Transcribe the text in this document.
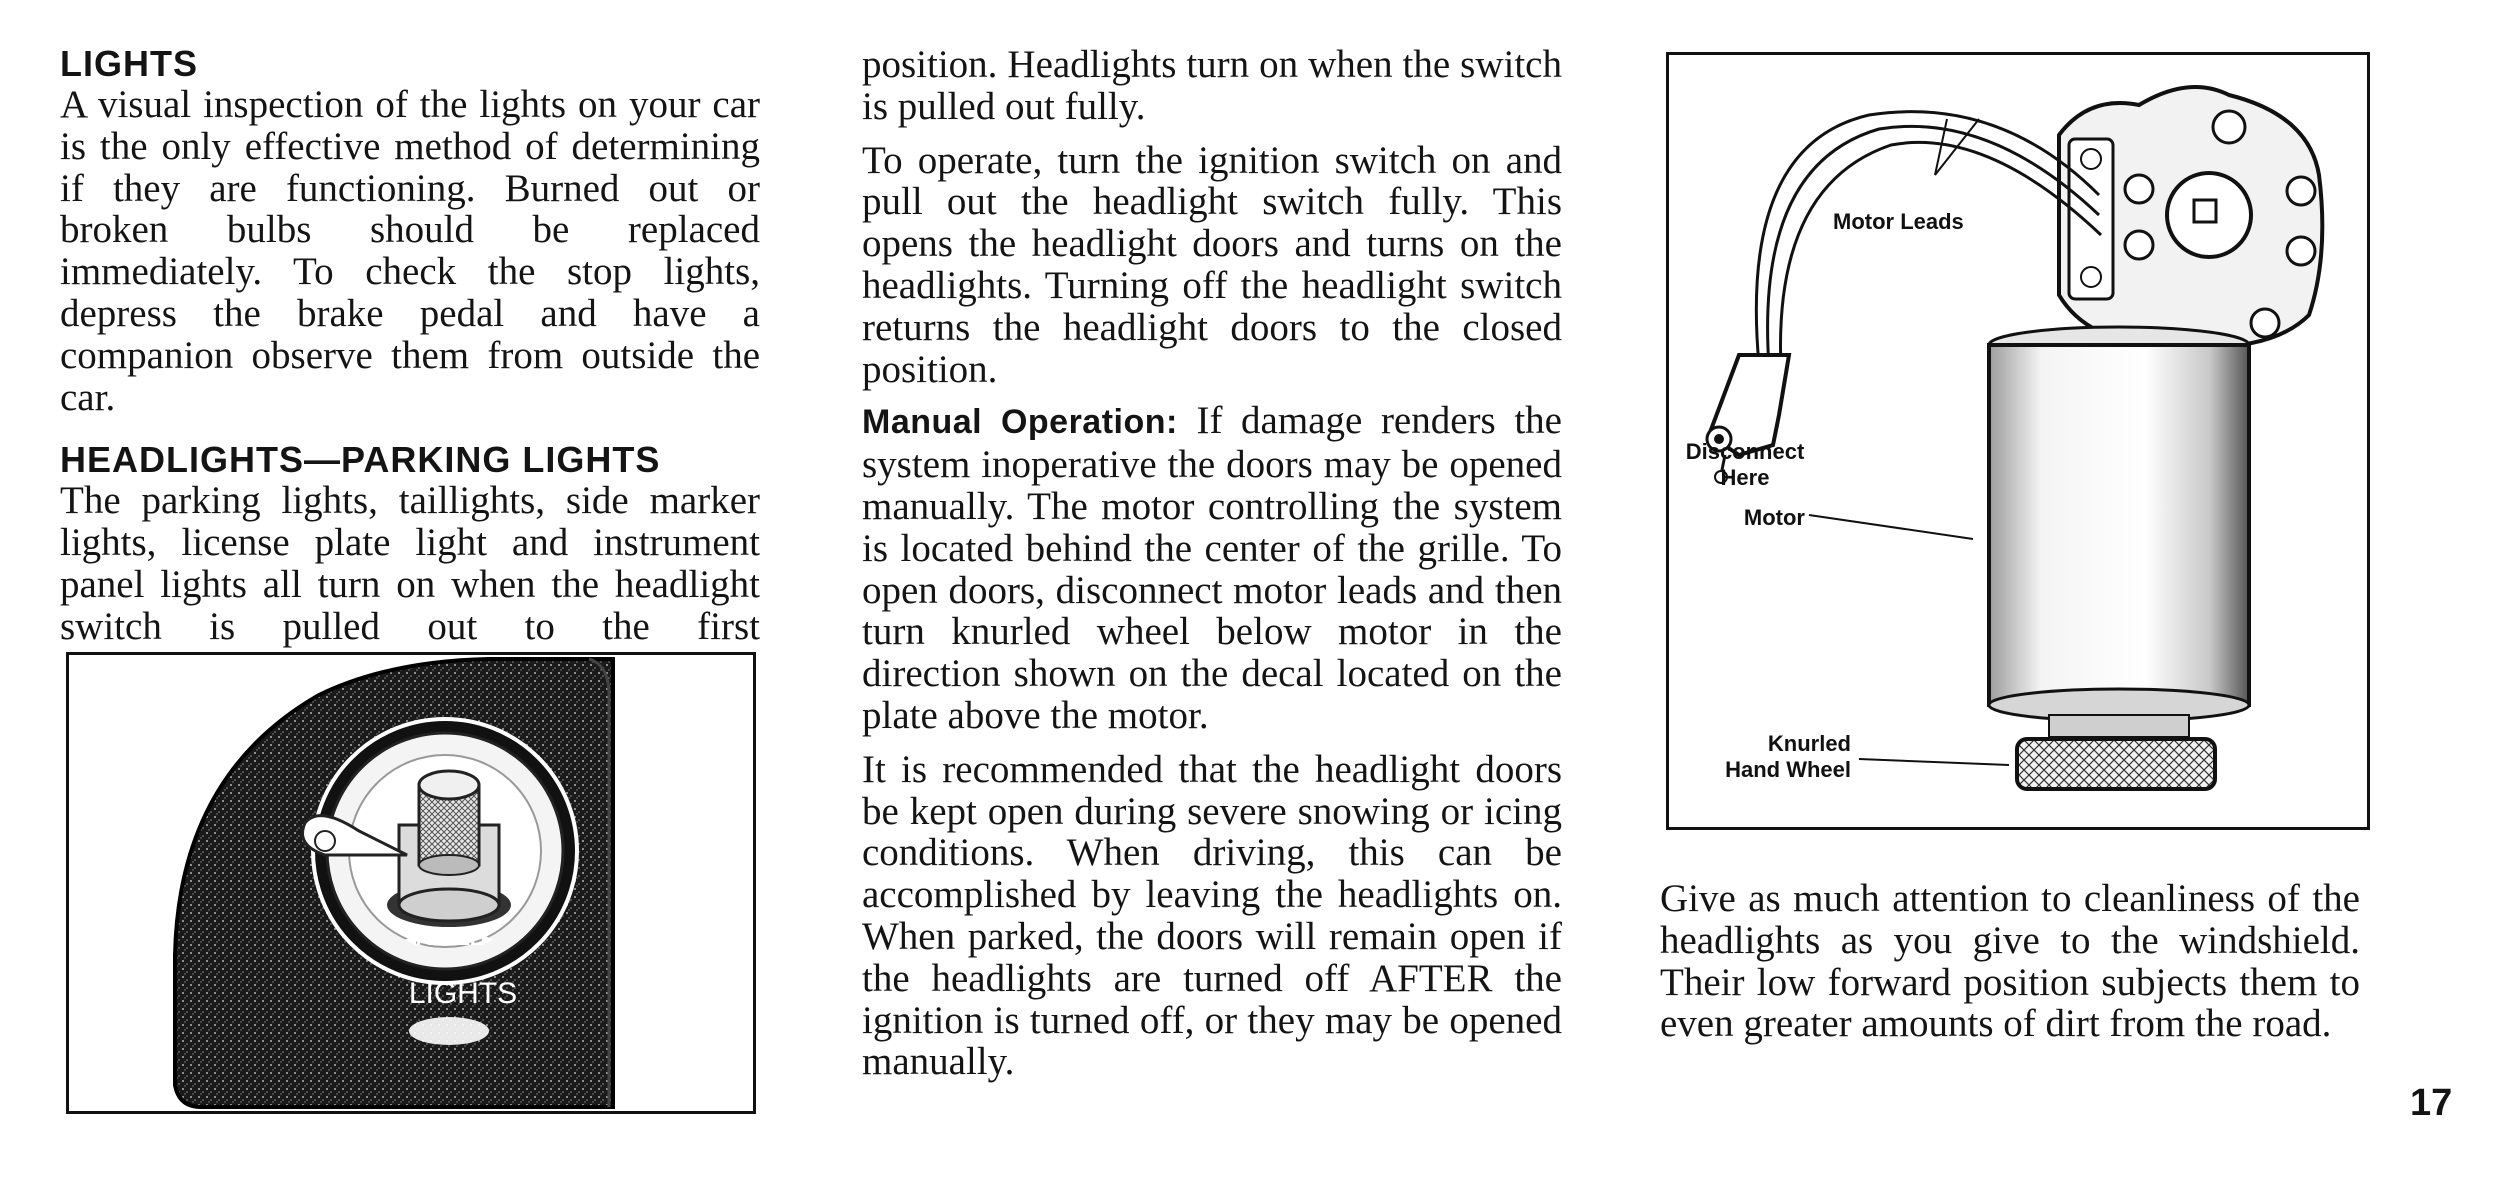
LIGHTS

A visual inspection of the lights on your car is the only effective method of determining if they are functioning. Burned out or broken bulbs should be replaced immediately. To check the stop lights, depress the brake pedal and have a companion observe them from outside the car.

HEADLIGHTS—PARKING LIGHTS

The parking lights, taillights, side marker lights, license plate light and instrument panel lights all turn on when the headlight switch is pulled out to the first

◂PANEL▸
LIGHTS

position. Headlights turn on when the switch is pulled out fully.

To operate, turn the ignition switch on and pull out the headlight switch fully. This opens the headlight doors and turns on the headlights. Turning off the headlight switch returns the headlight doors to the closed position.

Manual Operation: If damage renders the system inoperative the doors may be opened manually. The motor controlling the system is located behind the center of the grille. To open doors, disconnect motor leads and then turn knurled wheel below motor in the direction shown on the decal located on the plate above the motor.

It is recommended that the headlight doors be kept open during severe snowing or icing conditions. When driving, this can be accomplished by leaving the headlights on. When parked, the doors will remain open if the headlights are turned off AFTER the ignition is turned off, or they may be opened manually.

Motor Leads
Disconnect
Here
Motor
Knurled
Hand Wheel

Give as much attention to cleanliness of the headlights as you give to the windshield. Their low forward position subjects them to even greater amounts of dirt from the road.

17
